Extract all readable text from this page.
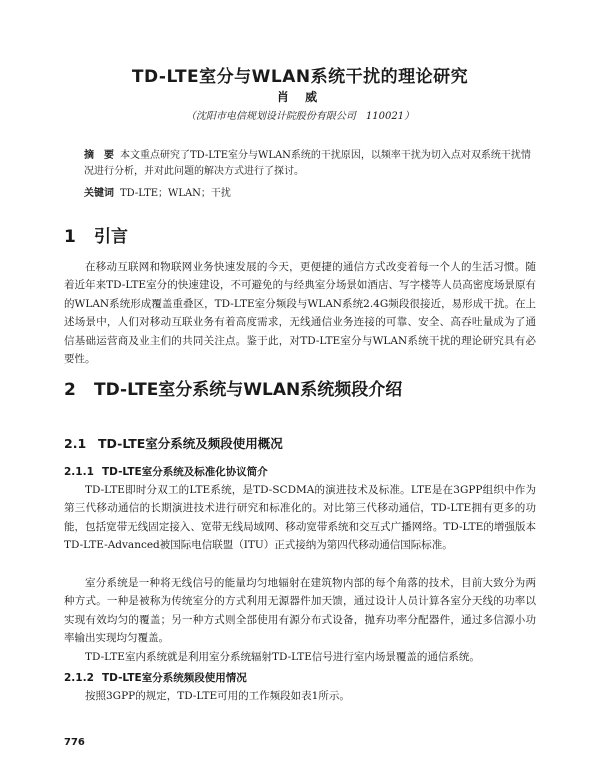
TD-LTE室分与WLAN系统干扰的理论研究
肖 威
（沈阳市电信规划设计院股份有限公司　110021）
摘　要 本文重点研究了TD-LTE室分与WLAN系统的干扰原因，以频率干扰为切入点对双系统干扰情况进行分析，并对此问题的解决方式进行了探讨。
关键词 TD-LTE；WLAN；干扰
1 引言
在移动互联网和物联网业务快速发展的今天，更便捷的通信方式改变着每一个人的生活习惯。随着近年来TD-LTE室分的快速建设，不可避免的与经典室分场景如酒店、写字楼等人员高密度场景原有的WLAN系统形成覆盖重叠区，TD-LTE室分频段与WLAN系统2.4G频段很接近，易形成干扰。在上述场景中，人们对移动互联业务有着高度需求，无线通信业务连接的可靠、安全、高吞吐量成为了通信基础运营商及业主们的共同关注点。鉴于此，对TD-LTE室分与WLAN系统干扰的理论研究具有必要性。
2 TD-LTE室分系统与WLAN系统频段介绍
2.1 TD-LTE室分系统及频段使用概况
2.1.1 TD-LTE室分系统及标准化协议简介
TD-LTE即时分双工的LTE系统，是TD-SCDMA的演进技术及标准。LTE是在3GPP组织中作为第三代移动通信的长期演进技术进行研究和标准化的。对比第三代移动通信，TD-LTE拥有更多的功能，包括宽带无线固定接入、宽带无线局域网、移动宽带系统和交互式广播网络。TD-LTE的增强版本TD-LTE-Advanced被国际电信联盟（ITU）正式接纳为第四代移动通信国际标准。
室分系统是一种将无线信号的能量均匀地辐射在建筑物内部的每个角落的技术，目前大致分为两种方式。一种是被称为传统室分的方式利用无源器件加天馈，通过设计人员计算各室分天线的功率以实现有效均匀的覆盖；另一种方式则全部使用有源分布式设备，拋弃功率分配器件，通过多信源小功率输出实现均匀覆盖。
TD-LTE室内系统就是利用室分系统辐射TD-LTE信号进行室内场景覆盖的通信系统。
2.1.2 TD-LTE室分系统频段使用情况
按照3GPP的规定，TD-LTE可用的工作频段如表1所示。
776
